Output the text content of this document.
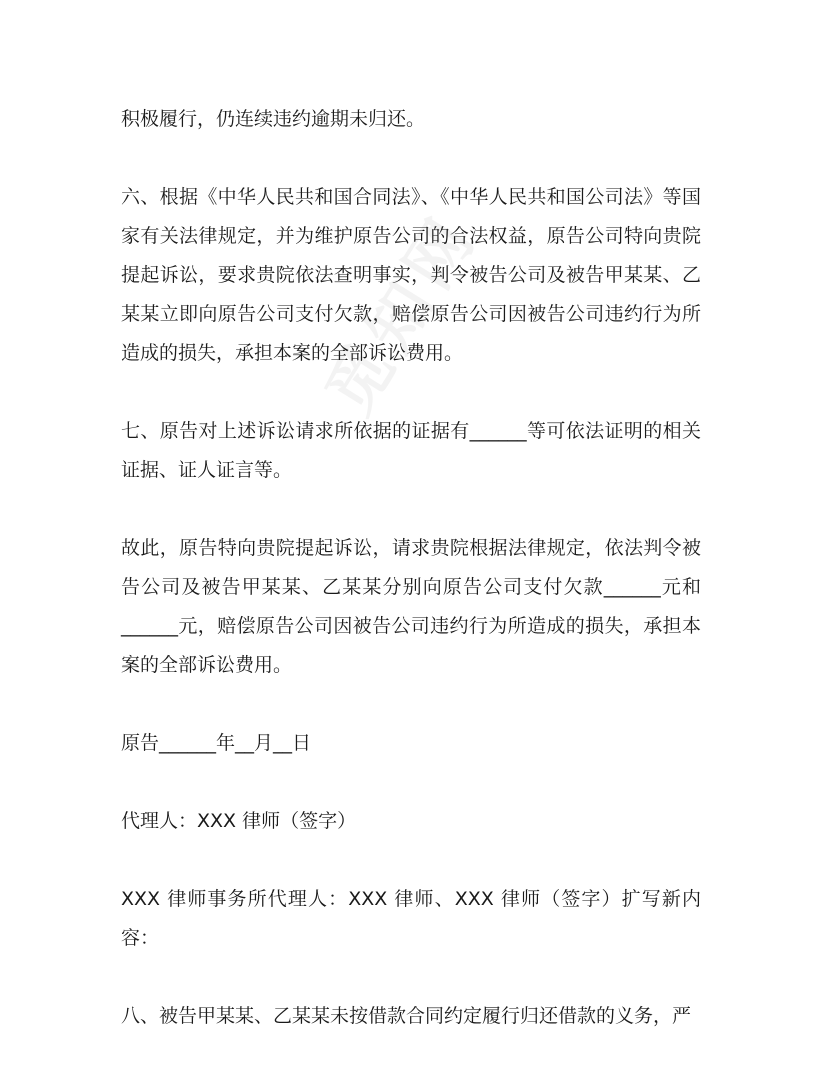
积极履行，仍连续违约逾期未归还。

六、根据《中华人民共和国合同法》、《中华人民共和国公司法》等国家有关法律规定，并为维护原告公司的合法权益，原告公司特向贵院提起诉讼，要求贵院依法查明事实，判令被告公司及被告甲某某、乙某某立即向原告公司支付欠款，赔偿原告公司因被告公司违约行为所造成的损失，承担本案的全部诉讼费用。

七、原告对上述诉讼请求所依据的证据有______等可依法证明的相关证据、证人证言等。

故此，原告特向贵院提起诉讼，请求贵院根据法律规定，依法判令被告公司及被告甲某某、乙某某分别向原告公司支付欠款______元和______元，赔偿原告公司因被告公司违约行为所造成的损失，承担本案的全部诉讼费用。

原告______年__月__日

代理人：XXX 律师（签字）

XXX 律师事务所代理人：XXX 律师、XXX 律师（签字）扩写新内容：

八、被告甲某某、乙某某未按借款合同约定履行归还借款的义务，严
